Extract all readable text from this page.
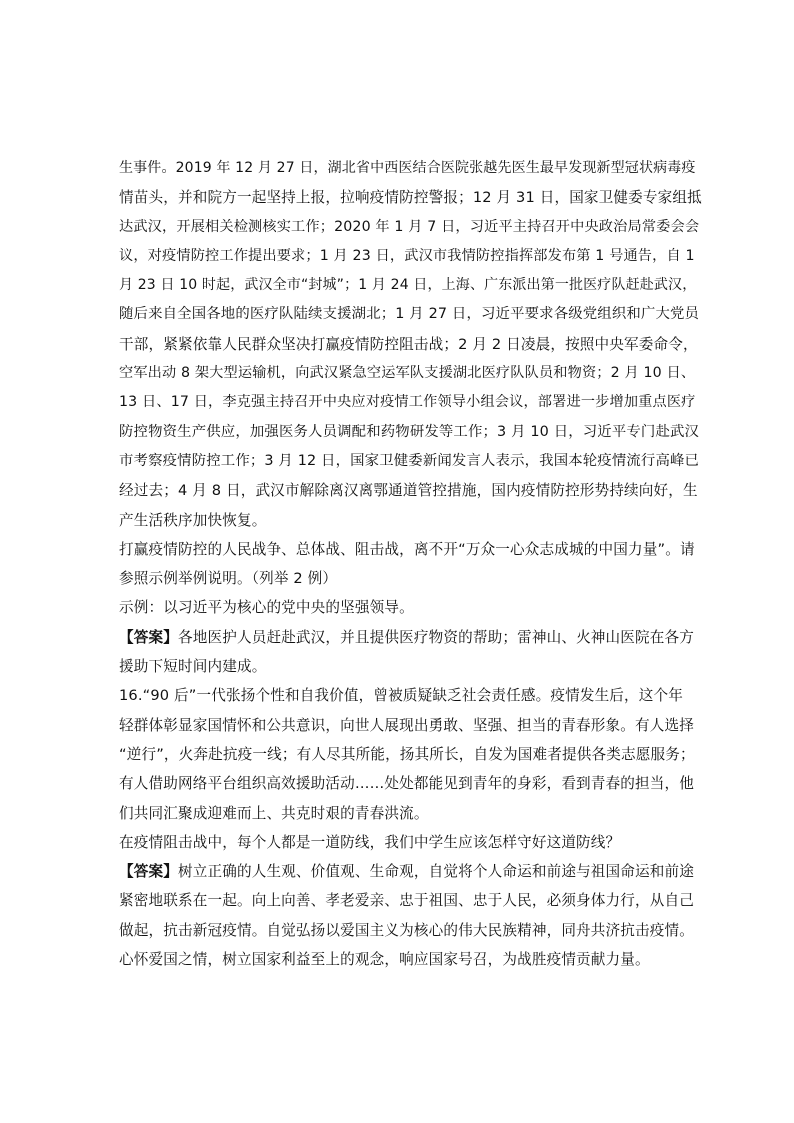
生事件。2019 年 12 月 27 日，湖北省中西医结合医院张越先医生最早发现新型冠状病毒疫
情苗头，并和院方一起坚持上报，拉响疫情防控警报；12 月 31 日，国家卫健委专家组抵
达武汉，开展相关检测核实工作；2020 年 1 月 7 日，习近平主持召开中央政治局常委会会
议，对疫情防控工作提出要求；1 月 23 日，武汉市我情防控指挥部发布第 1 号通告，自 1
月 23 日 10 时起，武汉全市“封城”；1 月 24 日，上海、广东派出第一批医疗队赶赴武汉，
随后来自全国各地的医疗队陆续支援湖北；1 月 27 日，习近平要求各级党组织和广大党员
干部，紧紧依靠人民群众坚决打赢疫情防控阻击战；2 月 2 日凌晨，按照中央军委命令，
空军出动 8 架大型运输机，向武汉紧急空运军队支援湖北医疗队队员和物资；2 月 10 日、
13 日、17 日，李克强主持召开中央应对疫情工作领导小组会议，部署进一步增加重点医疗
防控物资生产供应，加强医务人员调配和药物研发等工作；3 月 10 日，习近平专门赴武汉
市考察疫情防控工作；3 月 12 日，国家卫健委新闻发言人表示，我国本轮疫情流行高峰已
经过去；4 月 8 日，武汉市解除离汉离鄂通道管控措施，国内疫情防控形势持续向好，生
产生活秩序加快恢复。

打赢疫情防控的人民战争、总体战、阻击战，离不开“万众一心众志成城的中国力量”。请
参照示例举例说明。（列举 2 例）

示例：以习近平为核心的党中央的坚强领导。

【答案】各地医护人员赶赴武汉，并且提供医疗物资的帮助；雷神山、火神山医院在各方
援助下短时间内建成。

16.“90 后”一代张扬个性和自我价值，曾被质疑缺乏社会责任感。疫情发生后，这个年
轻群体彰显家国情怀和公共意识，向世人展现出勇敢、坚强、担当的青春形象。有人选择
“逆行”，火奔赴抗疫一线；有人尽其所能，扬其所长，自发为国难者提供各类志愿服务；
有人借助网络平台组织高效援助活动……处处都能见到青年的身彩，看到青春的担当，他
们共同汇聚成迎难而上、共克时艰的青春洪流。

在疫情阻击战中，每个人都是一道防线，我们中学生应该怎样守好这道防线？

【答案】树立正确的人生观、价值观、生命观，自觉将个人命运和前途与祖国命运和前途
紧密地联系在一起。向上向善、孝老爱亲、忠于祖国、忠于人民，必须身体力行，从自己
做起，抗击新冠疫情。自觉弘扬以爱国主义为核心的伟大民族精神，同舟共济抗击疫情。
心怀爱国之情，树立国家利益至上的观念，响应国家号召，为战胜疫情贡献力量。
